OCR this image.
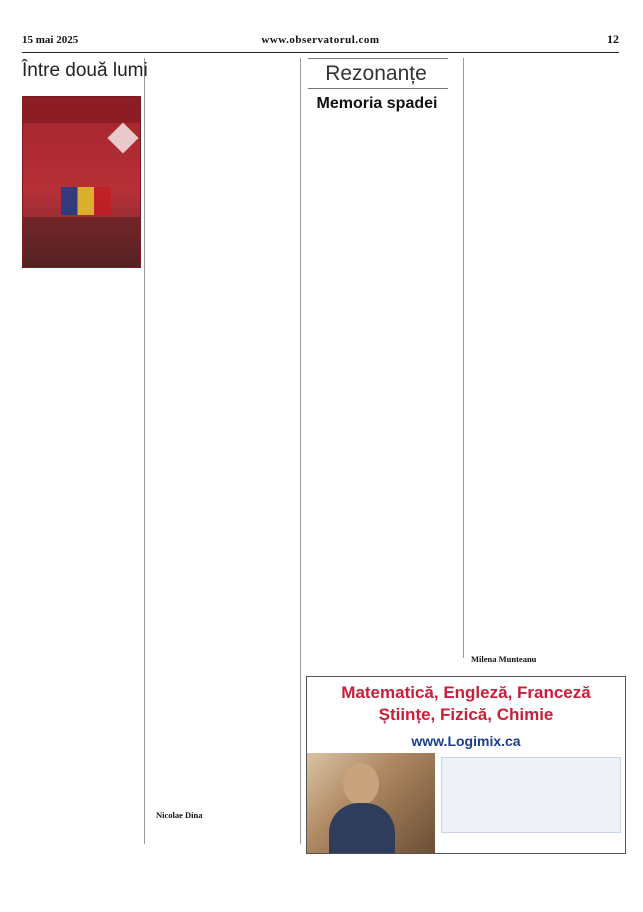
15 mai 2025	www.observatorul.com	12
Între două lumi
Nicolae Dina
Rezonanțe
Memoria spadei
Milena Munteanu
Matematică, Engleză, Franceză
Științe, Fizică, Chimie
www.Logimix.ca
